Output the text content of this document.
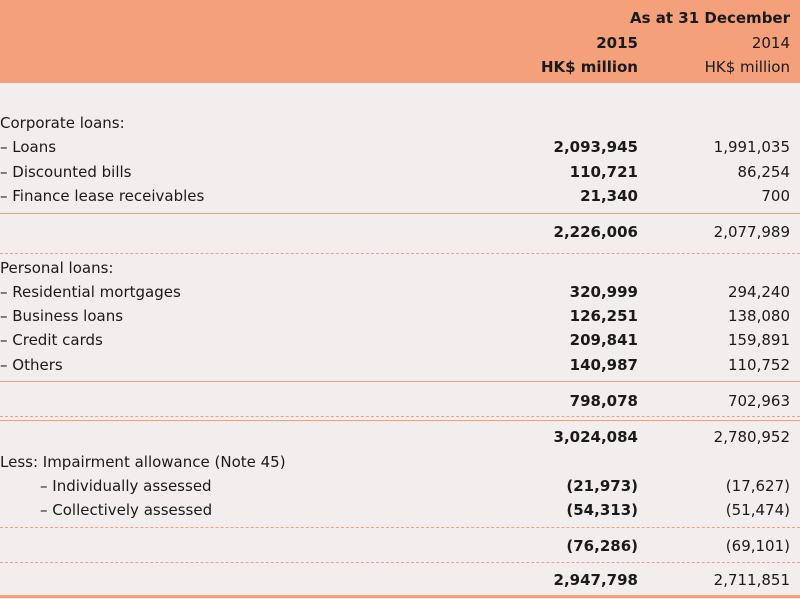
As at 31 December
2015	2014
HK$ million	HK$ million
Corporate loans:
– Loans	2,093,945	1,991,035
– Discounted bills	110,721	86,254
– Finance lease receivables	21,340	700
2,226,006	2,077,989
Personal loans:
– Residential mortgages	320,999	294,240
– Business loans	126,251	138,080
– Credit cards	209,841	159,891
– Others	140,987	110,752
798,078	702,963
3,024,084	2,780,952
Less: Impairment allowance (Note 45)
– Individually assessed	(21,973)	(17,627)
– Collectively assessed	(54,313)	(51,474)
(76,286)	(69,101)
2,947,798	2,711,851
